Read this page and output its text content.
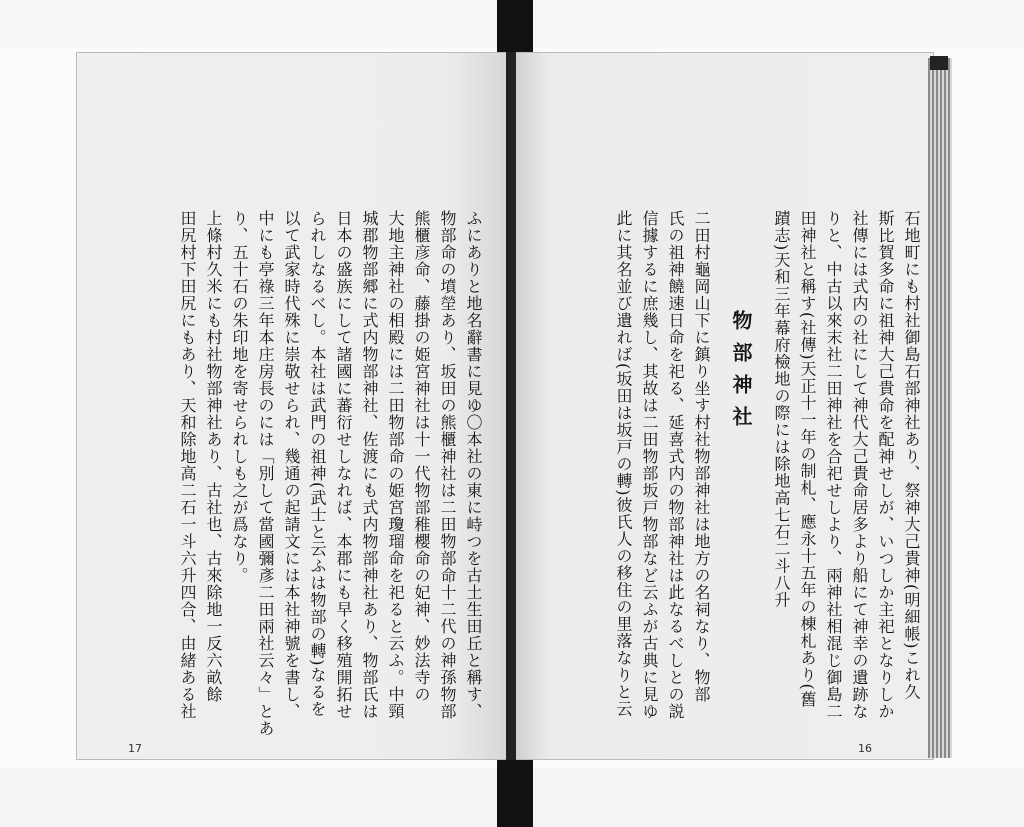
石地町にも村社御島石部神社あり、祭神大己貴神(明細帳)これ久
斯比賀多命に祖神大己貴命を配神せしが、いつしか主祀となりしか
社傳には式内の社にして神代大己貴命居多より船にて神幸の遺跡な
りと、中古以來末社二田神社を合祀せしより、兩神社相混じ御島二
田神社と稱す(社傳)天正十一年の制札、應永十五年の棟札あり(舊
蹟志)天和三年幕府檢地の際には除地高七石二斗八升
物部神社
二田村龜岡山下に鎮り坐す村社物部神社は地方の名祠なり、物部
氏の祖神饒速日命を祀る、延喜式内の物部神社は此なるべしとの説
信據するに庶幾し、其故は二田物部坂戸物部など云ふが古典に見ゆ
此に其名並び遺れば(坂田は坂戸の轉)彼氏人の移住の里落なりと云
ふにありと地名辭書に見ゆ〇本社の東に峙つを古土生田丘と稱す、
物部命の墳塋あり、坂田の熊櫃神社は二田物部命十二代の神孫物部
熊櫃彦命、藤掛の姫宮神社は十一代物部稚櫻命の妃神、妙法寺の
大地主神社の相殿には二田物部命の姫宮瓊瑠命を祀ると云ふ。中頸
城郡物部郷に式内物部神社、佐渡にも式内物部神社あり、物部氏は
日本の盛族にして諸國に蕃衍せしなれば、本郡にも早く移殖開拓せ
られしなるべし。本社は武門の祖神(武士と云ふは物部の轉)なるを
以て武家時代殊に崇敬せられ、幾通の起請文には本社神號を書し、
中にも亭祿三年本庄房長のには「別して當國彌彥二田兩社云々」とあ
り、五十石の朱印地を寄せられしも之が爲なり。
上條村久米にも村社物部神社あり、古社也、古來除地一反六畝餘
田尻村下田尻にもあり、天和除地高二石一斗六升四合、由緒ある社
17	16
